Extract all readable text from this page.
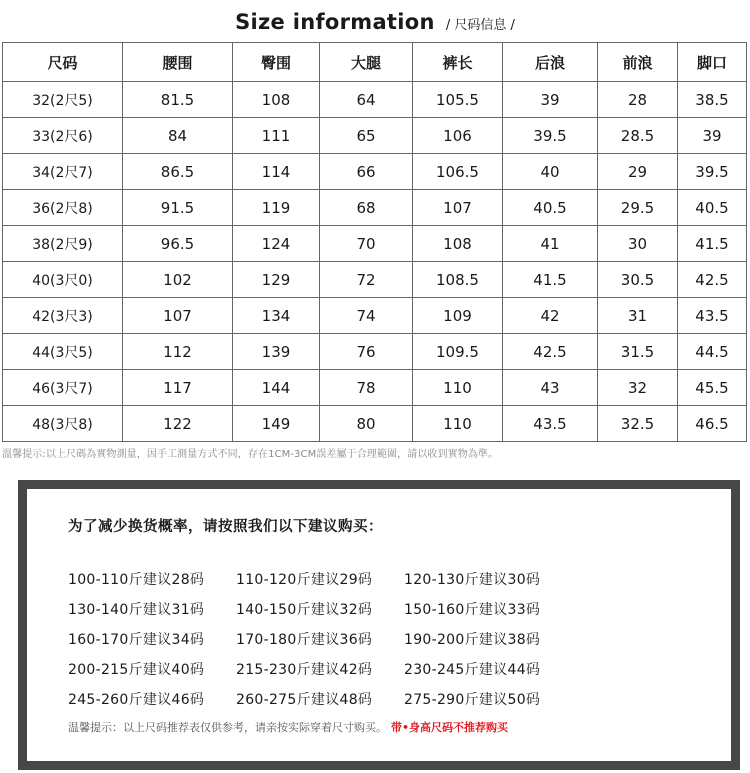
Size information / 尺码信息 /
尺码	腰围	臀围	大腿	裤长	后浪	前浪	脚口
32(2尺5)	81.5	108	64	105.5	39	28	38.5
33(2尺6)	84	111	65	106	39.5	28.5	39
34(2尺7)	86.5	114	66	106.5	40	29	39.5
36(2尺8)	91.5	119	68	107	40.5	29.5	40.5
38(2尺9)	96.5	124	70	108	41	30	41.5
40(3尺0)	102	129	72	108.5	41.5	30.5	42.5
42(3尺3)	107	134	74	109	42	31	43.5
44(3尺5)	112	139	76	109.5	42.5	31.5	44.5
46(3尺7)	117	144	78	110	43	32	45.5
48(3尺8)	122	149	80	110	43.5	32.5	46.5
溫馨提示:以上尺碼為實物測量，因手工測量方式不同，存在1CM-3CM誤差屬于合理範圍，請以收到實物為準。
为了减少换货概率，请按照我们以下建议购买：
100-110斤建议28码 110-120斤建议29码 120-130斤建议30码
130-140斤建议31码 140-150斤建议32码 150-160斤建议33码
160-170斤建议34码 170-180斤建议36码 190-200斤建议38码
200-215斤建议40码 215-230斤建议42码 230-245斤建议44码
245-260斤建议46码 260-275斤建议48码 275-290斤建议50码
温馨提示：以上尺码推荐表仅供参考，请亲按实际穿着尺寸购买。 带•身高尺码不推荐购买
